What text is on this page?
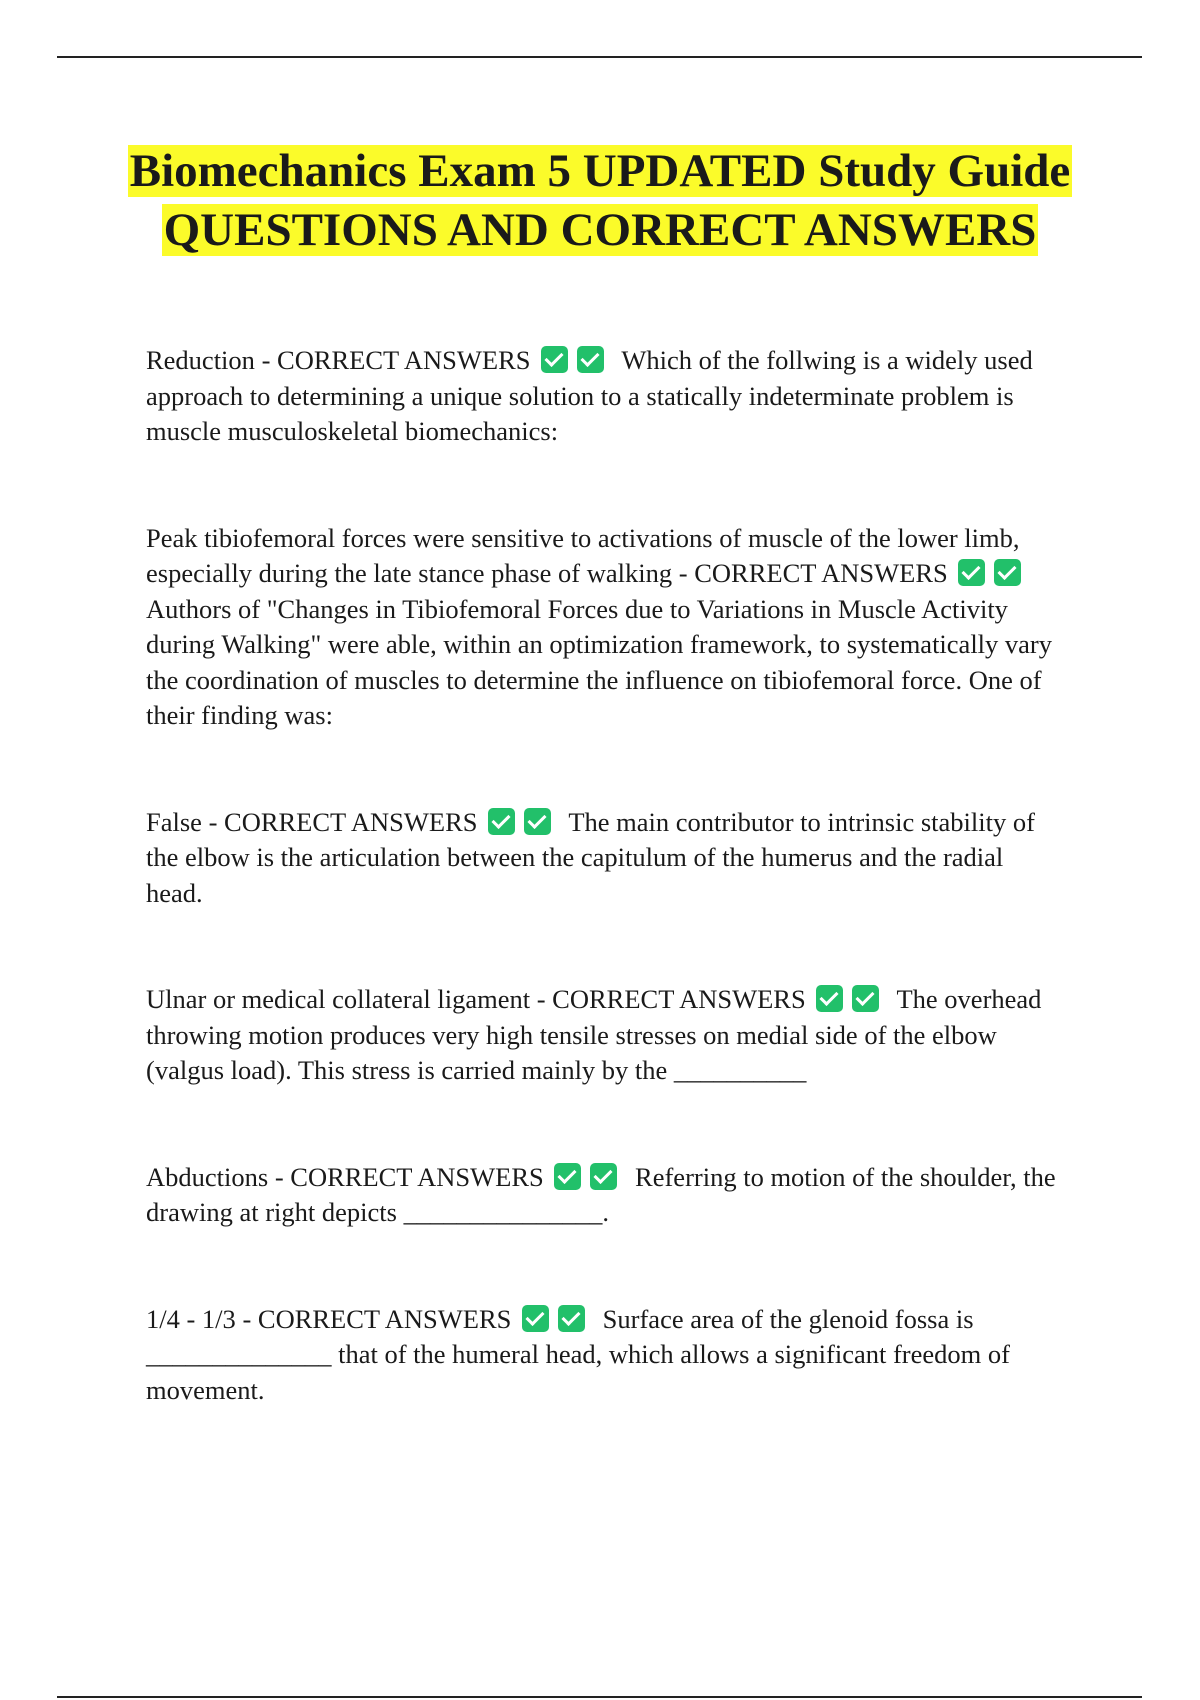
Biomechanics Exam 5 UPDATED Study Guide QUESTIONS AND CORRECT ANSWERS

Reduction - CORRECT ANSWERS	Which of the follwing is a widely used approach to determining a unique solution to a statically indeterminate problem is muscle musculoskeletal biomechanics:

Peak tibiofemoral forces were sensitive to activations of muscle of the lower limb, especially during the late stance phase of walking - CORRECT ANSWERS  Authors of "Changes in Tibiofemoral Forces due to Variations in Muscle Activity during Walking" were able, within an optimization framework, to systematically vary the coordination of muscles to determine the influence on tibiofemoral force. One of their finding was:

False - CORRECT ANSWERS	The main contributor to intrinsic stability of the elbow is the articulation between the capitulum of the humerus and the radial head.

Ulnar or medical collateral ligament - CORRECT ANSWERS	The overhead throwing motion produces very high tensile stresses on medial side of the elbow (valgus load). This stress is carried mainly by the __________

Abductions - CORRECT ANSWERS	Referring to motion of the shoulder, the drawing at right depicts _______________.

1/4 - 1/3 - CORRECT ANSWERS	Surface area of the glenoid fossa is ______________ that of the humeral head, which allows a significant freedom of movement.
